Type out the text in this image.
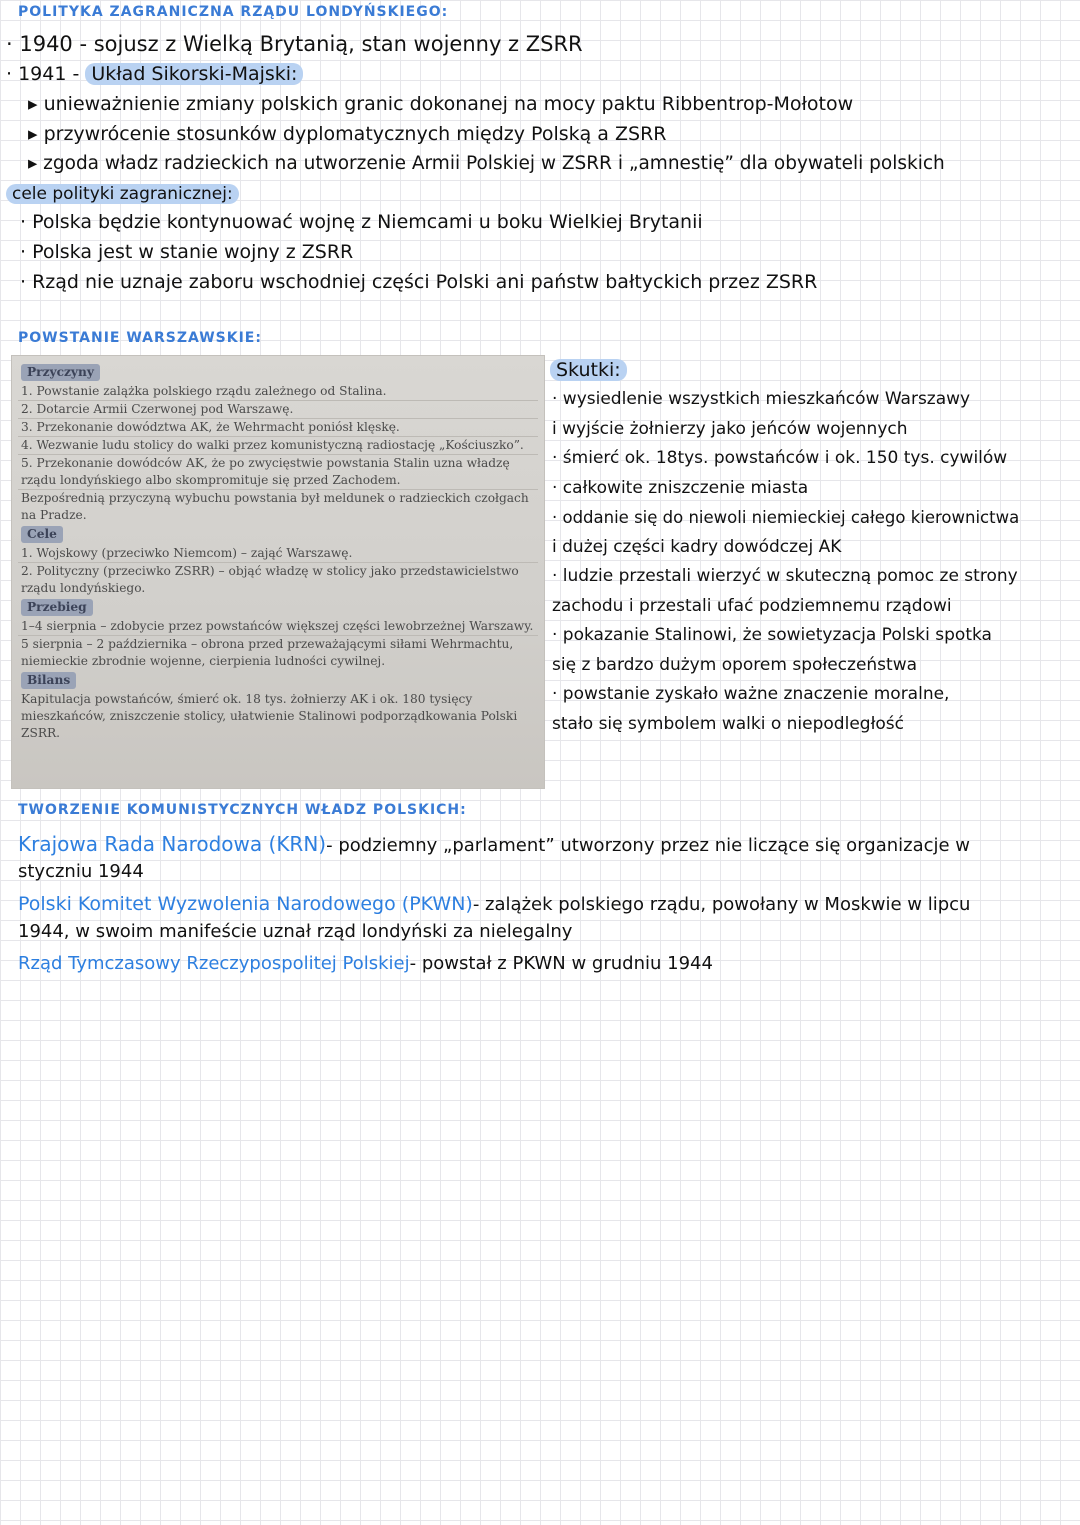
POLITYKA ZAGRANICZNA RZĄDU LONDYŃSKIEGO:
· 1940 - sojusz z Wielką Brytanią, stan wojenny z ZSRR
· 1941 - Układ Sikorski-Majski:
▸ unieważnienie zmiany polskich granic dokonanej na mocy paktu Ribbentrop-Mołotow
▸ przywrócenie stosunków dyplomatycznych między Polską a ZSRR
▸ zgoda władz radzieckich na utworzenie Armii Polskiej w ZSRR i „amnestię” dla obywateli polskich
cele polityki zagranicznej:
· Polska będzie kontynuować wojnę z Niemcami u boku Wielkiej Brytanii
· Polska jest w stanie wojny z ZSRR
· Rząd nie uznaje zaboru wschodniej części Polski ani państw bałtyckich przez ZSRR
POWSTANIE WARSZAWSKIE:
Przyczyny
1. Powstanie zalążka polskiego rządu zależnego od Stalina.
2. Dotarcie Armii Czerwonej pod Warszawę.
3. Przekonanie dowództwa AK, że Wehrmacht poniósł klęskę.
4. Wezwanie ludu stolicy do walki przez komunistyczną radiostację „Kościuszko”.
5. Przekonanie dowódców AK, że po zwycięstwie powstania Stalin uzna władzę rządu londyńskiego albo skompromituje się przed Zachodem.
Bezpośrednią przyczyną wybuchu powstania był meldunek o radzieckich czołgach na Pradze.
Cele
1. Wojskowy (przeciwko Niemcom) – zająć Warszawę.
2. Polityczny (przeciwko ZSRR) – objąć władzę w stolicy jako przedstawicielstwo rządu londyńskiego.
Przebieg
1–4 sierpnia – zdobycie przez powstańców większej części lewobrzeżnej Warszawy.
5 sierpnia – 2 października – obrona przed przeważającymi siłami Wehrmachtu, niemieckie zbrodnie wojenne, cierpienia ludności cywilnej.
Bilans
Kapitulacja powstańców, śmierć ok. 18 tys. żołnierzy AK i ok. 180 tysięcy mieszkańców, zniszczenie stolicy, ułatwienie Stalinowi podporządkowania Polski ZSRR.
Skutki:
· wysiedlenie wszystkich mieszkańców Warszawy
i wyjście żołnierzy jako jeńców wojennych
· śmierć ok. 18tys. powstańców i ok. 150 tys. cywilów
· całkowite zniszczenie miasta
· oddanie się do niewoli niemieckiej całego kierownictwa
i dużej części kadry dowódczej AK
· ludzie przestali wierzyć w skuteczną pomoc ze strony
zachodu i przestali ufać podziemnemu rządowi
· pokazanie Stalinowi, że sowietyzacja Polski spotka
się z bardzo dużym oporem społeczeństwa
· powstanie zyskało ważne znaczenie moralne,
stało się symbolem walki o niepodległość
TWORZENIE KOMUNISTYCZNYCH WŁADZ POLSKICH:
Krajowa Rada Narodowa (KRN)- podziemny „parlament” utworzony przez nie liczące się organizacje w
styczniu 1944
Polski Komitet Wyzwolenia Narodowego (PKWN)- zalążek polskiego rządu, powołany w Moskwie w lipcu
1944, w swoim manifeście uznał rząd londyński za nielegalny
Rząd Tymczasowy Rzeczypospolitej Polskiej- powstał z PKWN w grudniu 1944
